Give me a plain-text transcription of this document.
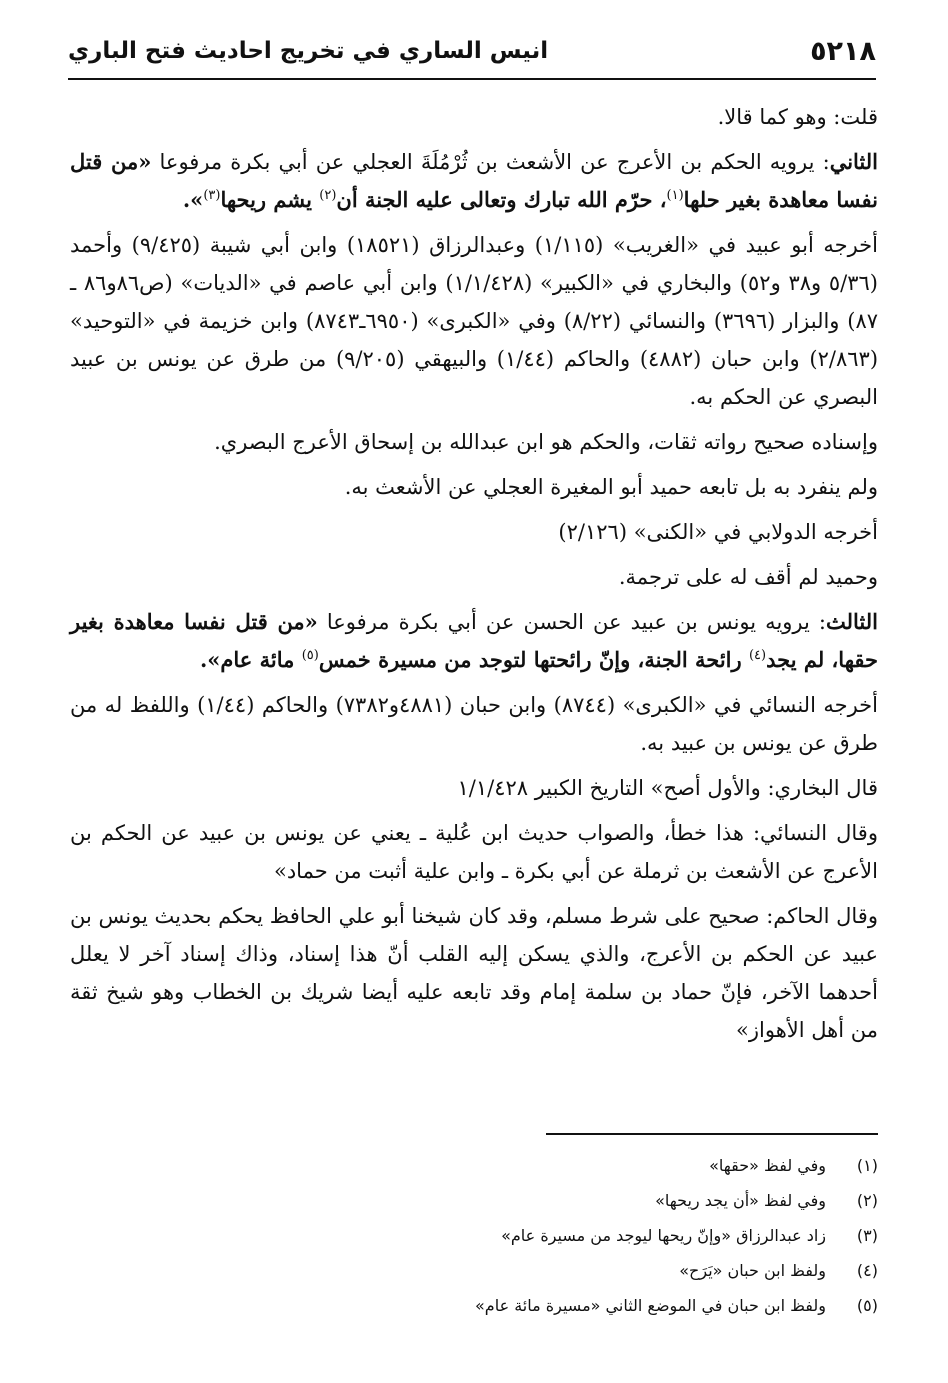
٥٢١٨
انيس الساري في تخريج احاديث فتح الباري

قلت: وهو كما قالا.

الثاني: يرويه الحكم بن الأعرج عن الأشعث بن ثُرْمُلَةَ العجلي عن أبي بكرة مرفوعا «من قتل نفسا معاهدة بغير حلها$^{(١)}$، حرّم الله تبارك وتعالى عليه الجنة أن$^{(٢)}$ يشم ريحها$^{(٣)}$».

أخرجه أبو عبيد في «الغريب» (١/١١٥) وعبدالرزاق (١٨٥٢١) وابن أبي شيبة (٩/٤٢٥) وأحمد (٥/٣٦ و٣٨ و٥٢) والبخاري في «الكبير» (١/١/٤٢٨) وابن أبي عاصم في «الديات» (ص٨٦و٨٦ ـ ٨٧) والبزار (٣٦٩٦) والنسائي (٨/٢٢) وفي «الكبرى» (٦٩٥٠ـ٨٧٤٣) وابن خزيمة في «التوحيد» (٢/٨٦٣) وابن حبان (٤٨٨٢) والحاكم (١/٤٤) والبيهقي (٩/٢٠٥) من طرق عن يونس بن عبيد البصري عن الحكم به.

وإسناده صحيح رواته ثقات، والحكم هو ابن عبدالله بن إسحاق الأعرج البصري.

ولم ينفرد به بل تابعه حميد أبو المغيرة العجلي عن الأشعث به.

أخرجه الدولابي في «الكنى» (٢/١٢٦)

وحميد لم أقف له على ترجمة.

الثالث: يرويه يونس بن عبيد عن الحسن عن أبي بكرة مرفوعا «من قتل نفسا معاهدة بغير حقها، لم يجد$^{(٤)}$ رائحة الجنة، وإنّ رائحتها لتوجد من مسيرة خمس$^{(٥)}$ مائة عام».

أخرجه النسائي في «الكبرى» (٨٧٤٤) وابن حبان (٤٨٨١و٧٣٨٢) والحاكم (١/٤٤) واللفظ له من طرق عن يونس بن عبيد به.

قال البخاري: والأول أصح» التاريخ الكبير ١/١/٤٢٨

وقال النسائي: هذا خطأ، والصواب حديث ابن عُلية ـ يعني عن يونس بن عبيد عن الحكم بن الأعرج عن الأشعث بن ثرملة عن أبي بكرة ـ وابن علية أثبت من حماد»

وقال الحاكم: صحيح على شرط مسلم، وقد كان شيخنا أبو علي الحافظ يحكم بحديث يونس بن عبيد عن الحكم بن الأعرج، والذي يسكن إليه القلب أنّ هذا إسناد، وذاك إسناد آخر لا يعلل أحدهما الآخر، فإنّ حماد بن سلمة إمام وقد تابعه عليه أيضا شريك بن الخطاب وهو شيخ ثقة من أهل الأهواز»

(١)وفي لفظ «حقها»
(٢)وفي لفظ «أن يجد ريحها»
(٣)زاد عبدالرزاق «وإنّ ريحها ليوجد من مسيرة عام»
(٤)ولفظ ابن حبان «يَرَح»
(٥)ولفظ ابن حبان في الموضع الثاني «مسيرة مائة عام»
